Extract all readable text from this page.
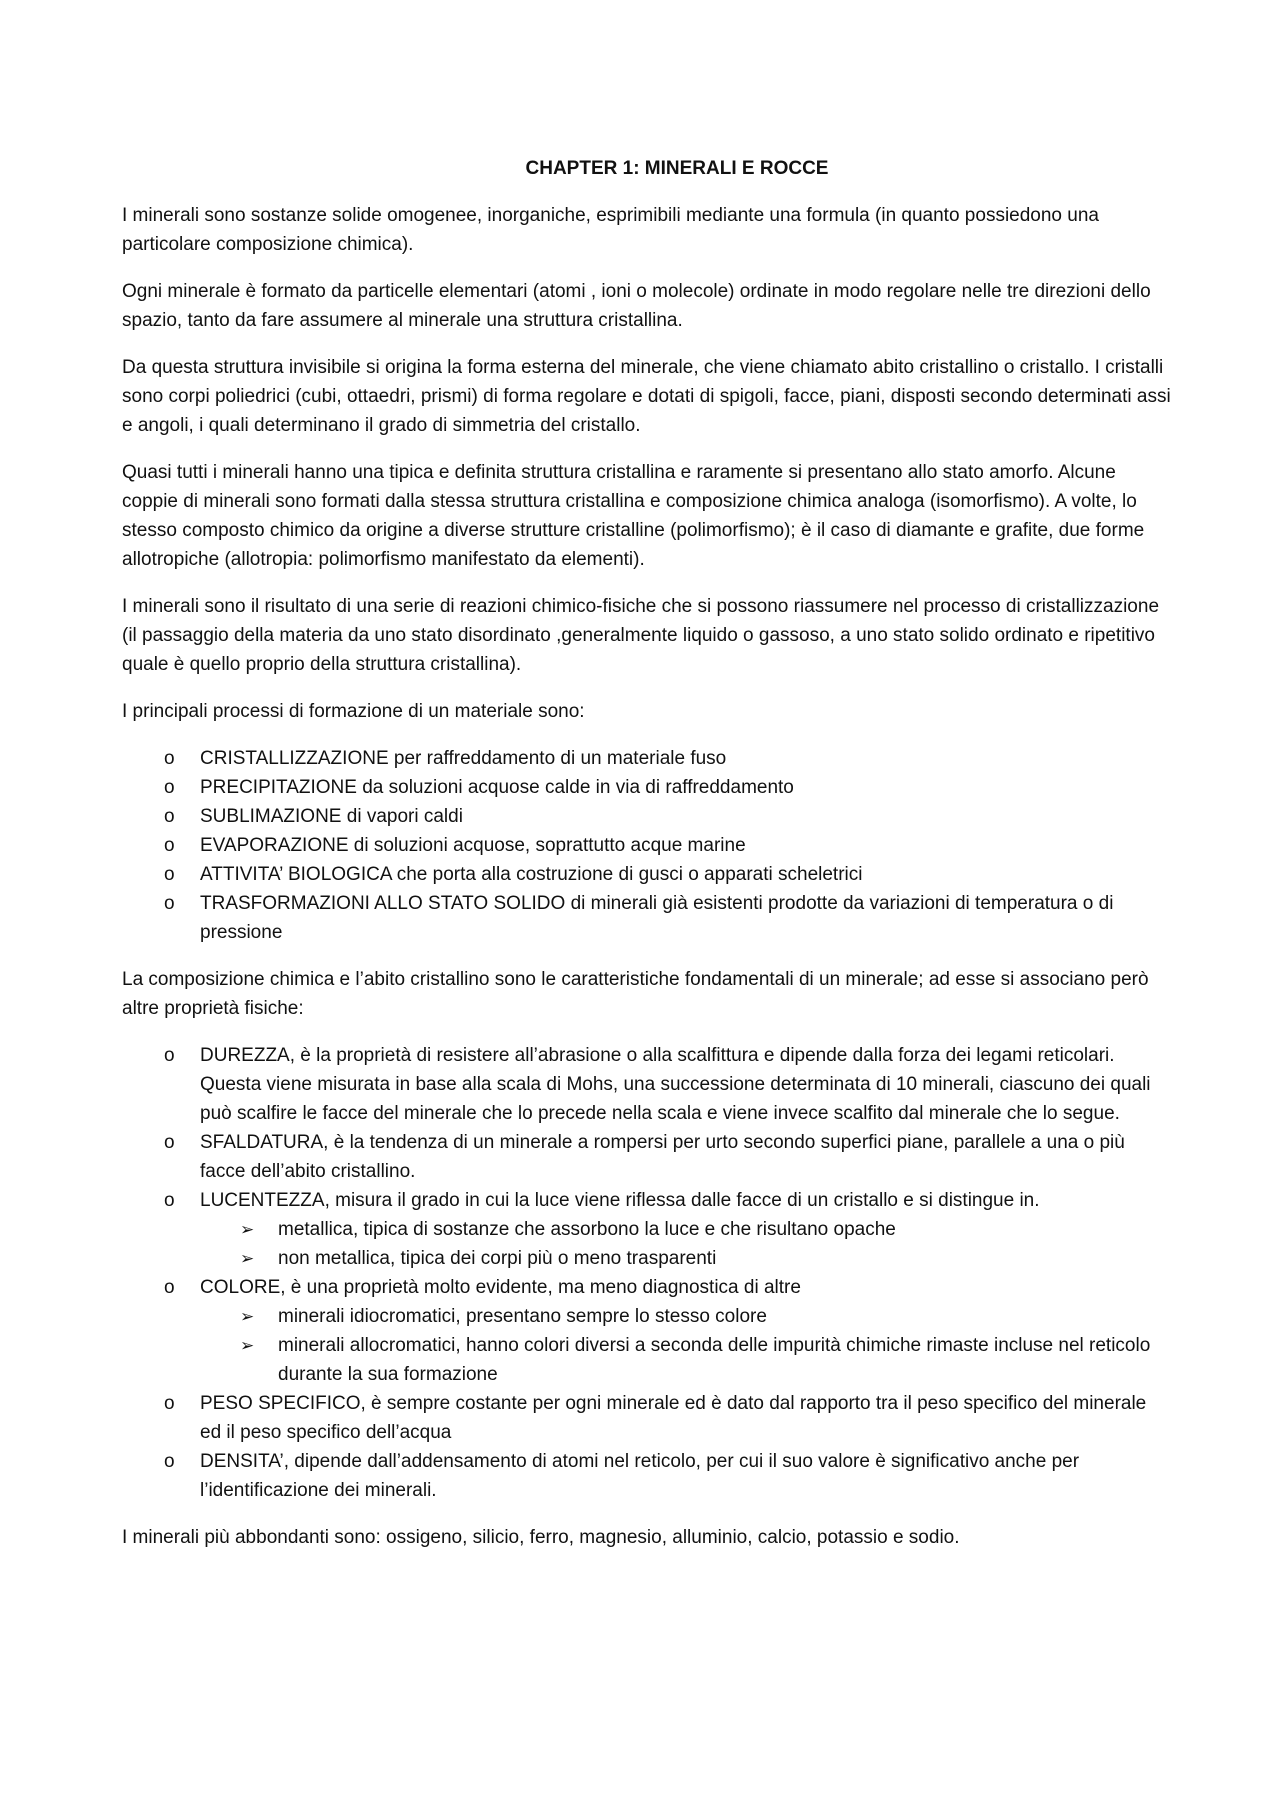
CHAPTER 1: MINERALI E ROCCE

I minerali sono sostanze solide omogenee, inorganiche, esprimibili mediante una formula (in quanto possiedono una particolare composizione chimica).

Ogni minerale è formato da particelle elementari (atomi , ioni o molecole) ordinate in modo regolare nelle tre direzioni dello spazio, tanto da fare assumere al minerale una struttura cristallina.

Da questa struttura invisibile si origina la forma esterna del minerale, che viene chiamato abito cristallino o cristallo. I cristalli sono corpi poliedrici (cubi, ottaedri, prismi) di forma regolare e dotati di spigoli, facce, piani, disposti secondo determinati assi e angoli, i quali determinano il grado di simmetria del cristallo.

Quasi tutti i minerali hanno una tipica e definita struttura cristallina e raramente si presentano allo stato amorfo. Alcune coppie di minerali sono formati dalla stessa struttura cristallina e composizione chimica analoga (isomorfismo). A volte, lo stesso composto chimico da origine a diverse strutture cristalline (polimorfismo); è il caso di diamante e grafite, due forme allotropiche (allotropia: polimorfismo manifestato da elementi).

I minerali sono il risultato di una serie di reazioni chimico-fisiche che si possono riassumere nel processo di cristallizzazione (il passaggio della materia da uno stato disordinato ,generalmente liquido o gassoso, a uno stato solido ordinato e ripetitivo quale è quello proprio della struttura cristallina).

I principali processi di formazione di un materiale sono:

o	CRISTALLIZZAZIONE per raffreddamento di un materiale fuso
o	PRECIPITAZIONE da soluzioni acquose calde in via di raffreddamento
o	SUBLIMAZIONE di vapori caldi
o	EVAPORAZIONE di soluzioni acquose, soprattutto acque marine
o	ATTIVITA’ BIOLOGICA che porta alla costruzione di gusci o apparati scheletrici
o	TRASFORMAZIONI ALLO STATO SOLIDO di minerali già esistenti prodotte da variazioni di temperatura o di pressione

La composizione chimica e l’abito cristallino sono le caratteristiche fondamentali di un minerale; ad esse si associano però altre proprietà fisiche:

o	DUREZZA, è la proprietà di resistere all’abrasione o alla scalfittura e dipende dalla forza dei legami reticolari. Questa viene misurata in base alla scala di Mohs, una successione determinata di 10 minerali, ciascuno dei quali può scalfire le facce del minerale che lo precede nella scala e viene invece scalfito dal minerale che lo segue.
o	SFALDATURA, è la tendenza di un minerale a rompersi per urto secondo superfici piane, parallele a una o più facce dell’abito cristallino.
o	LUCENTEZZA, misura il grado in cui la luce viene riflessa dalle facce di un cristallo e si distingue in.
➢	metallica, tipica di sostanze che assorbono la luce e che risultano opache
➢	non metallica, tipica dei corpi più o meno trasparenti
o	COLORE, è una proprietà molto evidente, ma meno diagnostica di altre
➢	minerali idiocromatici, presentano sempre lo stesso colore
➢	minerali allocromatici, hanno colori diversi a seconda delle impurità chimiche rimaste incluse nel reticolo durante la sua formazione
o	PESO SPECIFICO, è sempre costante per ogni minerale ed è dato dal rapporto tra il peso specifico del minerale ed il peso specifico dell’acqua
o	DENSITA’, dipende dall’addensamento di atomi nel reticolo, per cui il suo valore è significativo anche per l’identificazione dei minerali.

I minerali più abbondanti sono: ossigeno, silicio, ferro, magnesio, alluminio, calcio, potassio e sodio.
